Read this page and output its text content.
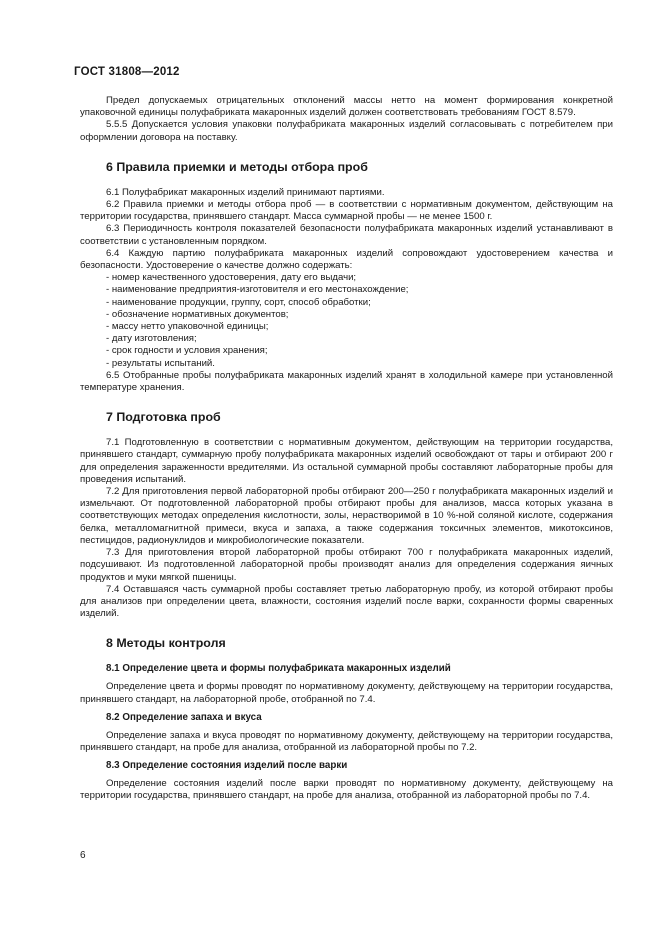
ГОСТ 31808—2012

Предел допускаемых отрицательных отклонений массы нетто на момент формирования конкретной упаковочной единицы полуфабриката макаронных изделий должен соответствовать требованиям ГОСТ 8.579.

5.5.5 Допускается условия упаковки полуфабриката макаронных изделий согласовывать с потребителем при оформлении договора на поставку.

6 Правила приемки и методы отбора проб

6.1 Полуфабрикат макаронных изделий принимают партиями.

6.2 Правила приемки и методы отбора проб — в соответствии с нормативным документом, действующим на территории государства, принявшего стандарт. Масса суммарной пробы — не менее 1500 г.

6.3 Периодичность контроля показателей безопасности полуфабриката макаронных изделий устанавливают в соответствии с установленным порядком.

6.4 Каждую партию полуфабриката макаронных изделий сопровождают удостоверением качества и безопасности. Удостоверение о качестве должно содержать:

- номер качественного удостоверения, дату его выдачи;

- наименование предприятия-изготовителя и его местонахождение;

- наименование продукции, группу, сорт, способ обработки;

- обозначение нормативных документов;

- массу нетто упаковочной единицы;

- дату изготовления;

- срок годности и условия хранения;

- результаты испытаний.

6.5 Отобранные пробы полуфабриката макаронных изделий хранят в холодильной камере при установленной температуре хранения.

7 Подготовка проб

7.1 Подготовленную в соответствии с нормативным документом, действующим на территории государства, принявшего стандарт, суммарную пробу полуфабриката макаронных изделий освобождают от тары и отбирают 200 г для определения зараженности вредителями. Из остальной суммарной пробы составляют лабораторные пробы для проведения испытаний.

7.2 Для приготовления первой лабораторной пробы отбирают 200—250 г полуфабриката макаронных изделий и измельчают. От подготовленной лабораторной пробы отбирают пробы для анализов, масса которых указана в соответствующих методах определения кислотности, золы, нерастворимой в 10 %-ной соляной кислоте, содержания белка, металломагнитной примеси, вкуса и запаха, а также содержания токсичных элементов, микотоксинов, пестицидов, радионуклидов и микробиологические показатели.

7.3 Для приготовления второй лабораторной пробы отбирают 700 г полуфабриката макаронных изделий, подсушивают. Из подготовленной лабораторной пробы производят анализ для определения содержания яичных продуктов и муки мягкой пшеницы.

7.4 Оставшаяся часть суммарной пробы составляет третью лабораторную пробу, из которой отбирают пробы для анализов при определении цвета, влажности, состояния изделий после варки, сохранности формы сваренных изделий.

8 Методы контроля
8.1 Определение цвета и формы полуфабриката макаронных изделий

Определение цвета и формы проводят по нормативному документу, действующему на территории государства, принявшего стандарт, на лабораторной пробе, отобранной по 7.4.

8.2 Определение запаха и вкуса

Определение запаха и вкуса проводят по нормативному документу, действующему на территории государства, принявшего стандарт, на пробе для анализа, отобранной из лабораторной пробы по 7.2.

8.3 Определение состояния изделий после варки

Определение состояния изделий после варки проводят по нормативному документу, действующему на территории государства, принявшего стандарт, на пробе для анализа, отобранной из лабораторной пробы по 7.4.

6
